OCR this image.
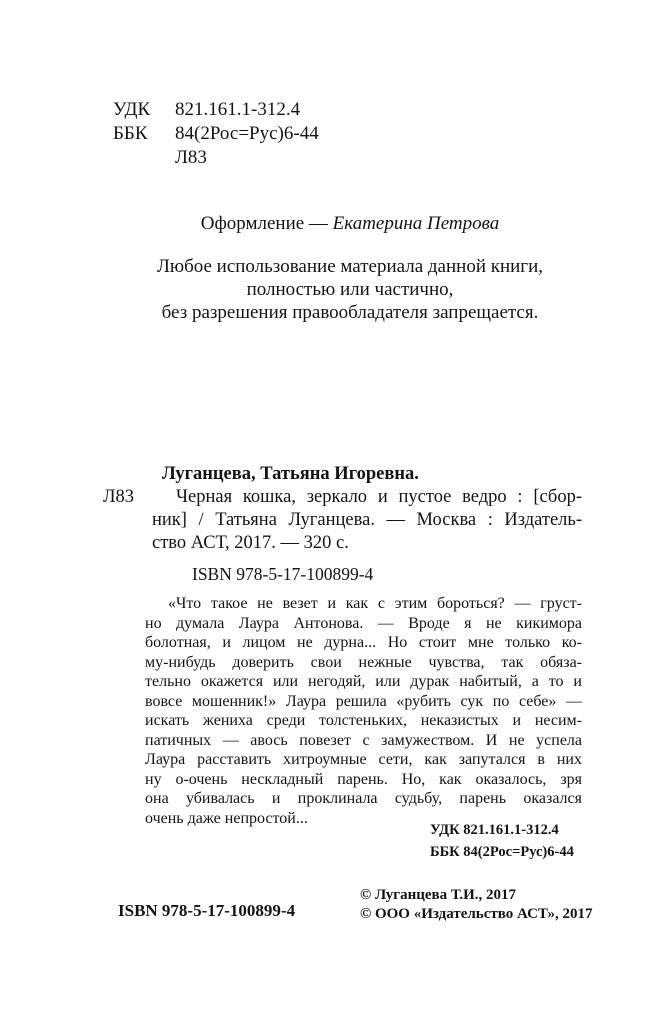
УДК 821.161.1-312.4
ББК 84(2Рос=Рус)6-44
Л83
Оформление — Екатерина Петрова
Любое использование материала данной книги,
полностью или частично,
без разрешения правообладателя запрещается.
Луганцева, Татьяна Игоревна.
Л83	Черная кошка, зеркало и пустое ведро : [сбор-
ник] / Татьяна Луганцева. — Москва : Издатель-
ство АСТ, 2017. — 320 с.
ISBN 978-5-17-100899-4
«Что такое не везет и как с этим бороться? — груст-
но думала Лаура Антонова. — Вроде я не кикимора
болотная, и лицом не дурна... Но стоит мне только ко-
му-нибудь доверить свои нежные чувства, так обяза-
тельно окажется или негодяй, или дурак набитый, а то и
вовсе мошенник!» Лаура решила «рубить сук по себе» —
искать жениха среди толстеньких, неказистых и несим-
патичных — авось повезет с замужеством. И не успела
Лаура расставить хитроумные сети, как запутался в них
ну о-очень нескладный парень. Но, как оказалось, зря
она убивалась и проклинала судьбу, парень оказался
очень даже непростой...
УДК 821.161.1-312.4
ББК 84(2Рос=Рус)6-44
ISBN 978-5-17-100899-4
© Луганцева Т.И., 2017
© ООО «Издательство АСТ», 2017
